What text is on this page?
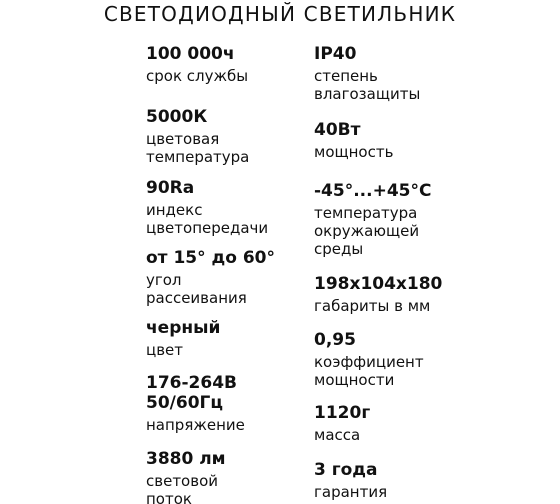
СВЕТОДИОДНЫЙ СВЕТИЛЬНИК
100 000ч
срок службы
5000К
цветовая
температура
90Ra
индекс
цветопередачи
от 15° до 60°
угол
рассеивания
черный
цвет
176-264В
50/60Гц
напряжение
3880 лм
световой
поток
IP40
степень
влагозащиты
40Вт
мощность
-45°...+45°С
температура
окружающей
среды
198х104х180
габариты в мм
0,95
коэффициент
мощности
1120г
масса
3 года
гарантия
